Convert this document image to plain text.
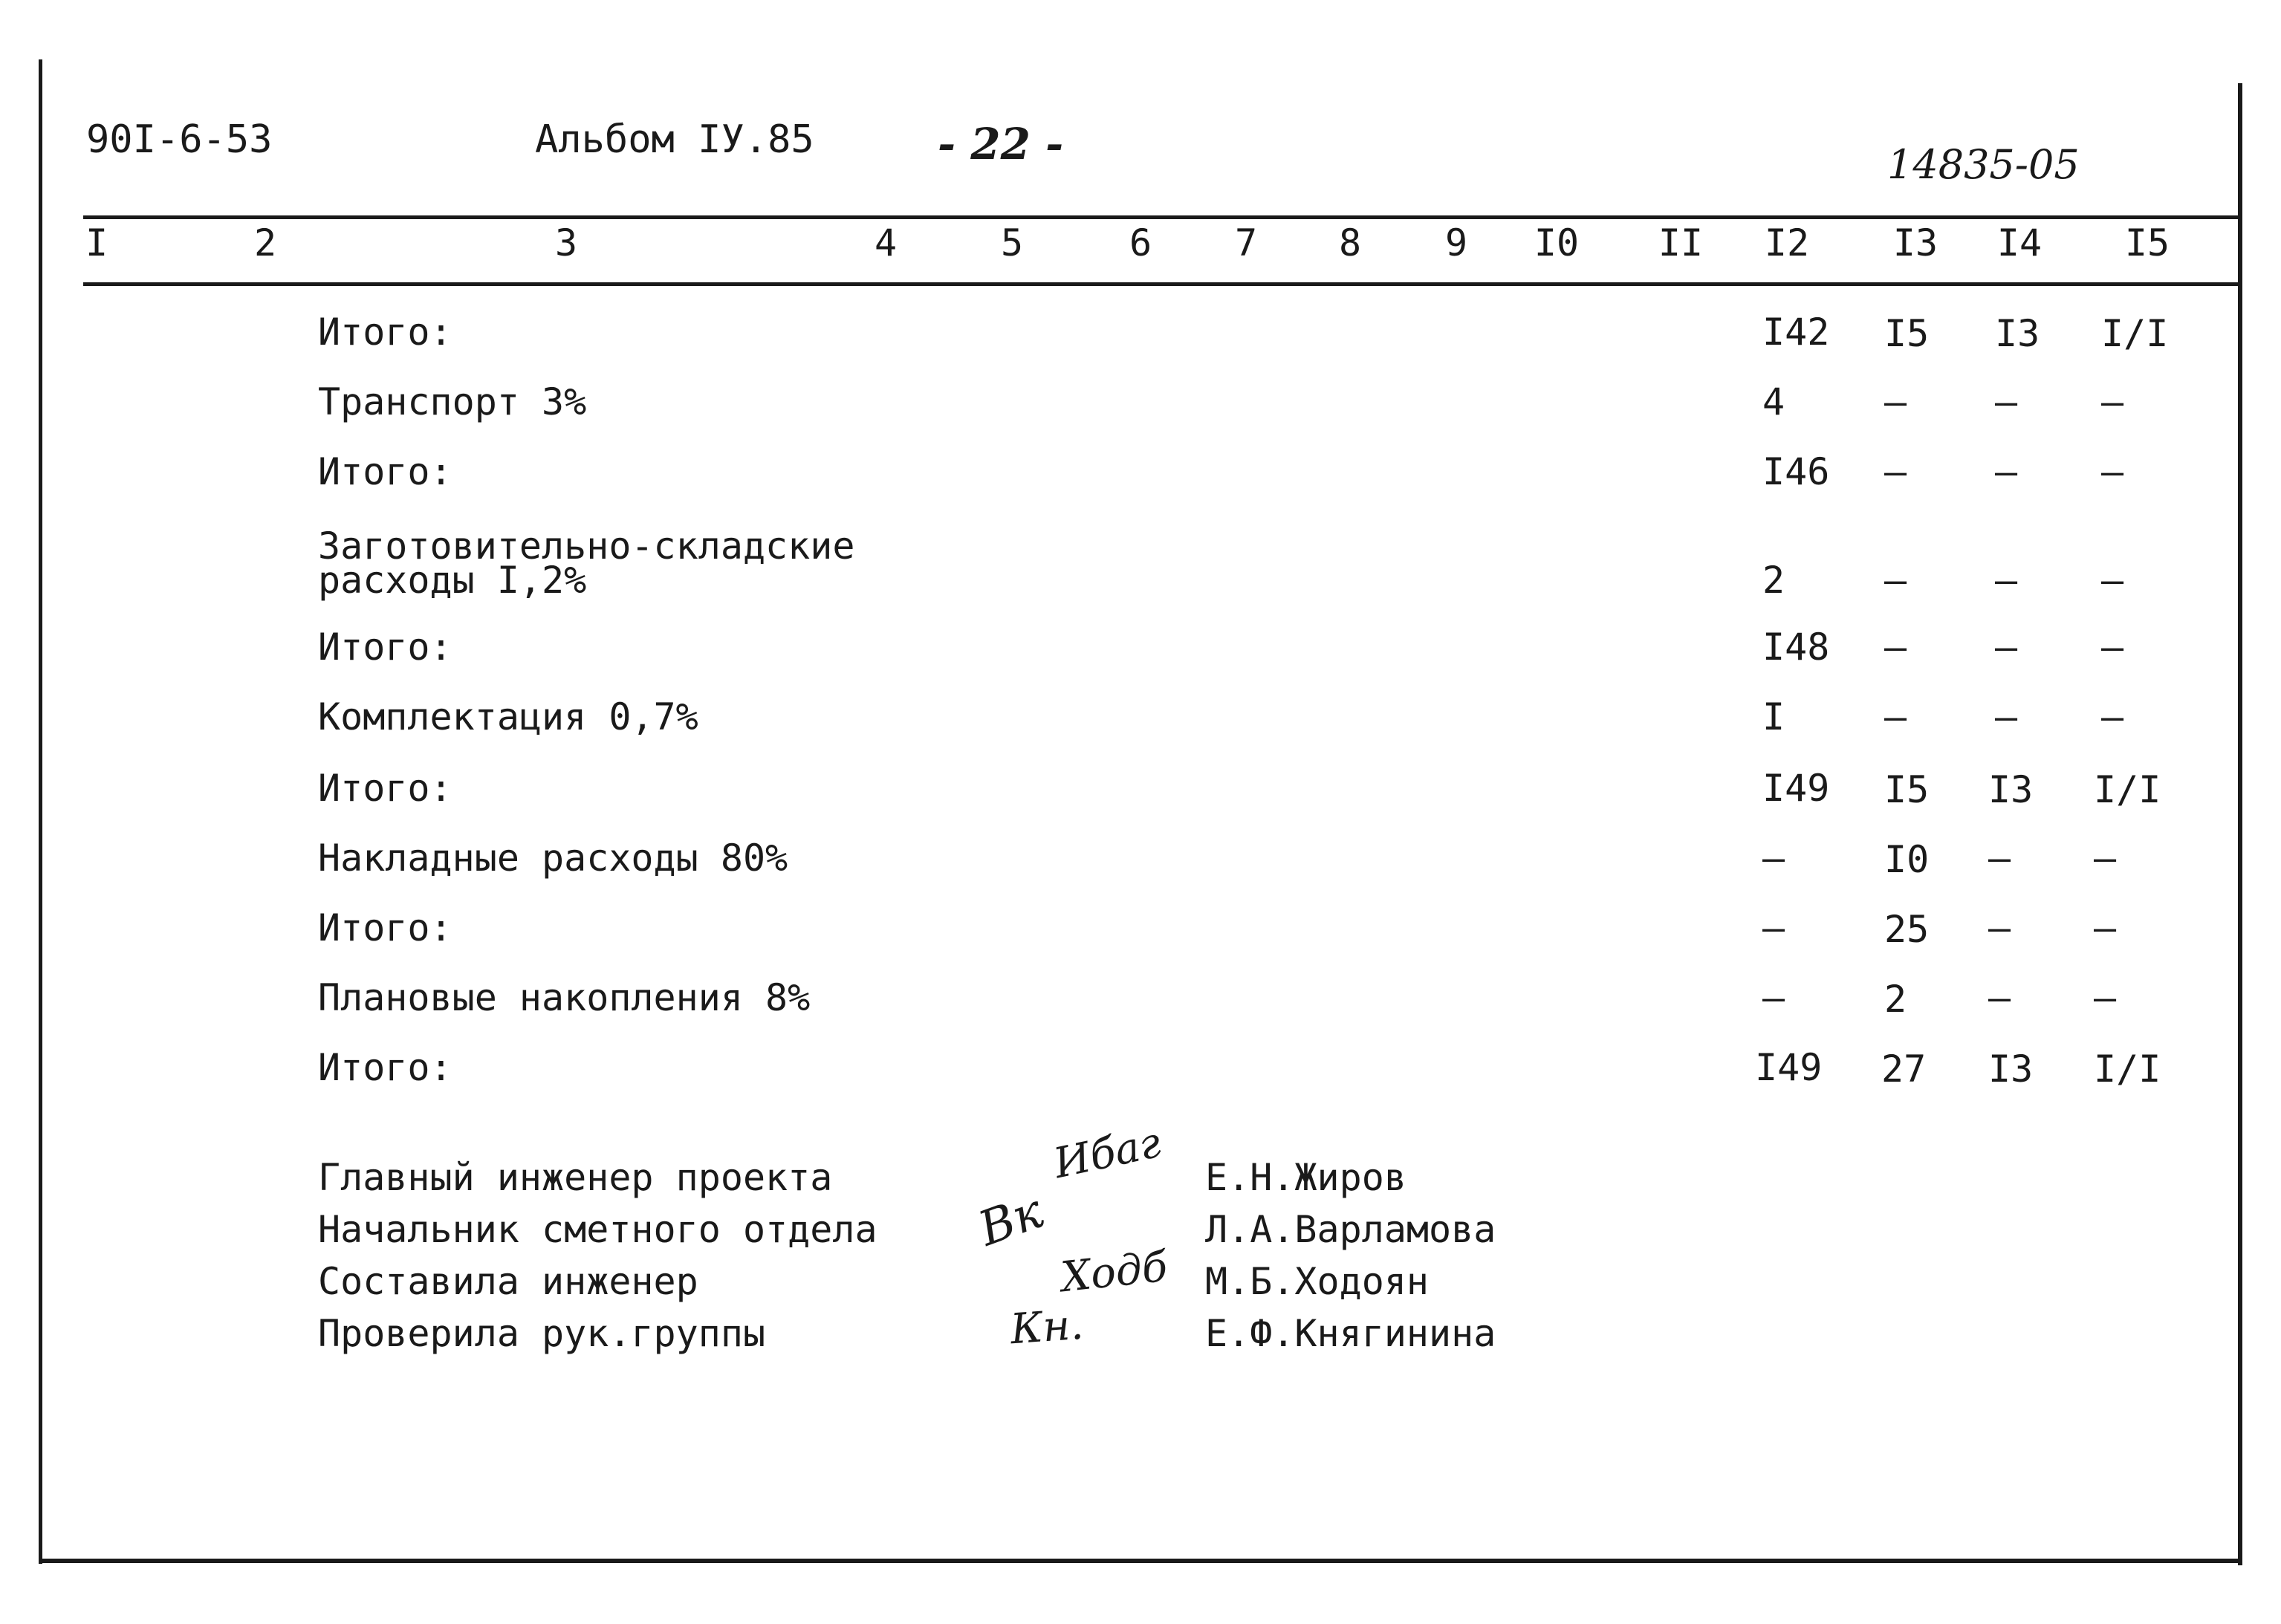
90I-6-53	Альбом IУ.85	- 22 -	14835-05
I	2	3	4	5	6 7 8 9 I0 II I2 I3 I4 I5
Итого:	I42 I5 I3 I/I
Транспорт 3%	4	– – –
Итого:	I46 – – –
Заготовительно-складские
расходы I,2%	2	– – –
Итого:	I48 – – –
Комплектация 0,7%	I	– – –
Итого:	I49 I5 I3 I/I
Накладные расходы 80%	–	I0 – –
Итого:	–	25 – –
Плановые накопления 8%	–	2 – –
Итого:	I49 27 I3 I/I
Главный инженер проекта	Ибаг Е.Н.Жиров
Начальник сметного отдела Вк	Л.А.Варламова
Составила инженер	Ходб М.Б.Ходоян
Проверила рук.группы	Кн.	Е.Ф.Княгинина
